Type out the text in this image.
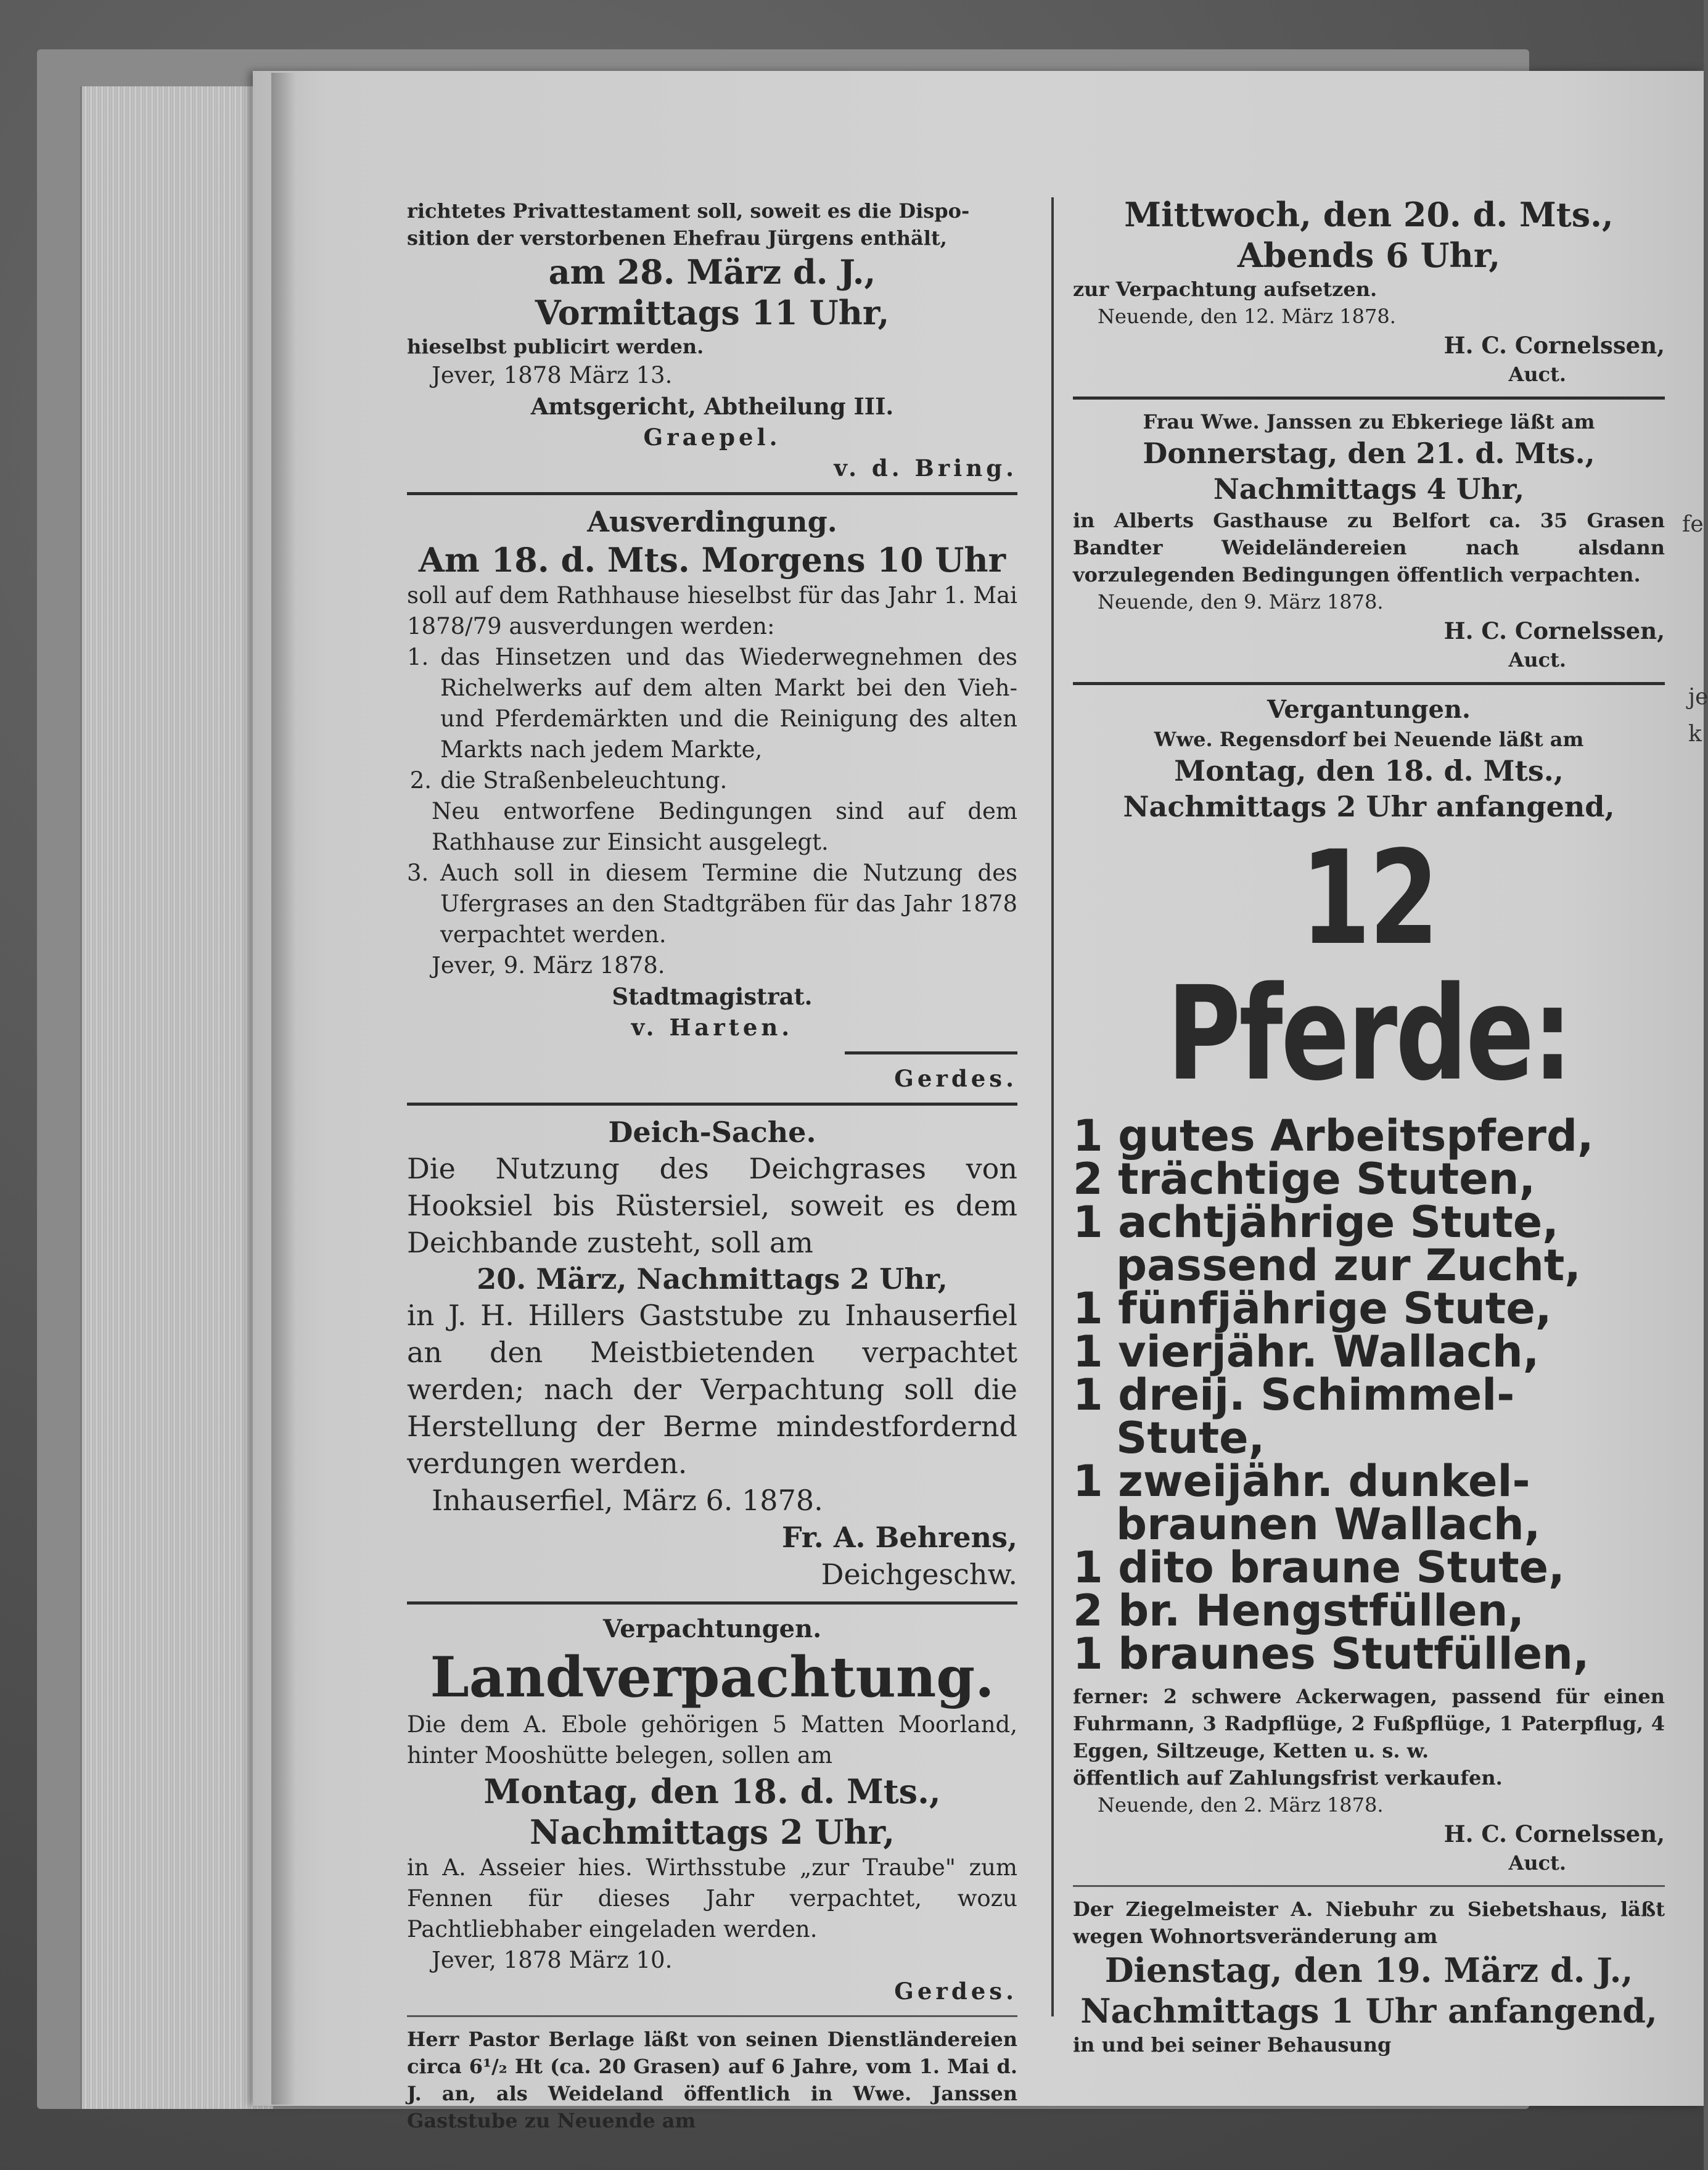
richtetes Privattestament soll, soweit es die Dispo-

sition der verstorbenen Ehefrau Jürgens enthält,

am 28. März d. J.,

Vormittags 11 Uhr,

hieselbst publicirt werden.

Jever, 1878 März 13.

Amtsgericht, Abtheilung III.

Graepel.

v. d. Bring.

Ausverdingung.

Am 18. d. Mts. Morgens 10 Uhr

soll auf dem Rathhause hieselbst für das Jahr 1. Mai 1878/79 ausverdungen werden:

1. das Hinsetzen und das Wiederwegnehmen des Richelwerks auf dem alten Markt bei den Vieh- und Pferdemärkten und die Reinigung des alten Markts nach jedem Markte,
2. die Straßenbeleuchtung.

Neu entworfene Bedingungen sind auf dem Rathhause zur Einsicht ausgelegt.

3. Auch soll in diesem Termine die Nutzung des Ufergrases an den Stadtgräben für das Jahr 1878 verpachtet werden.

Jever, 9. März 1878.

Stadtmagistrat.

v. Harten.

Gerdes.

Deich-Sache.

Die Nutzung des Deichgrases von Hooksiel bis Rüstersiel, soweit es dem Deichbande zusteht, soll am

20. März, Nachmittags 2 Uhr,

in J. H. Hillers Gaststube zu Inhauserfiel an den Meistbietenden verpachtet werden; nach der Verpachtung soll die Herstellung der Berme mindestfordernd verdungen werden.

Inhauserfiel, März 6. 1878.

Fr. A. Behrens,

Deichgeschw.

Verpachtungen.

Landverpachtung.

Die dem A. Ebole gehörigen 5 Matten Moorland, hinter Mooshütte belegen, sollen am

Montag, den 18. d. Mts.,

Nachmittags 2 Uhr,

in A. Asseier hies. Wirthsstube „zur Traube" zum Fennen für dieses Jahr verpachtet, wozu Pachtliebhaber eingeladen werden.

Jever, 1878 März 10.

Gerdes.

Herr Pastor Berlage läßt von seinen Dienstländereien circa 6¹/₂ Ht (ca. 20 Grasen) auf 6 Jahre, vom 1. Mai d. J. an, als Weideland öffentlich in Wwe. Janssen Gaststube zu Neuende am

Mittwoch, den 20. d. Mts.,

Abends 6 Uhr,

zur Verpachtung aufsetzen.

Neuende, den 12. März 1878.

H. C. Cornelssen,

Auct.

Frau Wwe. Janssen zu Ebkeriege läßt am

Donnerstag, den 21. d. Mts.,

Nachmittags 4 Uhr,

in Alberts Gasthause zu Belfort ca. 35 Grasen Bandter Weideländereien nach alsdann vorzulegenden Bedingungen öffentlich verpachten.

Neuende, den 9. März 1878.

H. C. Cornelssen,

Auct.

Vergantungen.

Wwe. Regensdorf bei Neuende läßt am

Montag, den 18. d. Mts.,

Nachmittags 2 Uhr anfangend,

12 Pferde:

1 gutes Arbeitspferd,
2 trächtige Stuten,
1 achtjährige Stute,
passend zur Zucht,
1 fünfjährige Stute,
1 vierjähr. Wallach,
1 dreij. Schimmel-
Stute,
1 zweijähr. dunkel-
braunen Wallach,
1 dito braune Stute,
2 br. Hengstfüllen,
1 braunes Stutfüllen,

ferner: 2 schwere Ackerwagen, passend für einen Fuhrmann, 3 Radpflüge, 2 Fußpflüge, 1 Paterpflug, 4 Eggen, Siltzeuge, Ketten u. s. w.

öffentlich auf Zahlungsfrist verkaufen.

Neuende, den 2. März 1878.

H. C. Cornelssen,

Auct.

Der Ziegelmeister A. Niebuhr zu Siebetshaus, läßt wegen Wohnortsveränderung am

Dienstag, den 19. März d. J.,

Nachmittags 1 Uhr anfangend,

in und bei seiner Behausung

fe
je
k
